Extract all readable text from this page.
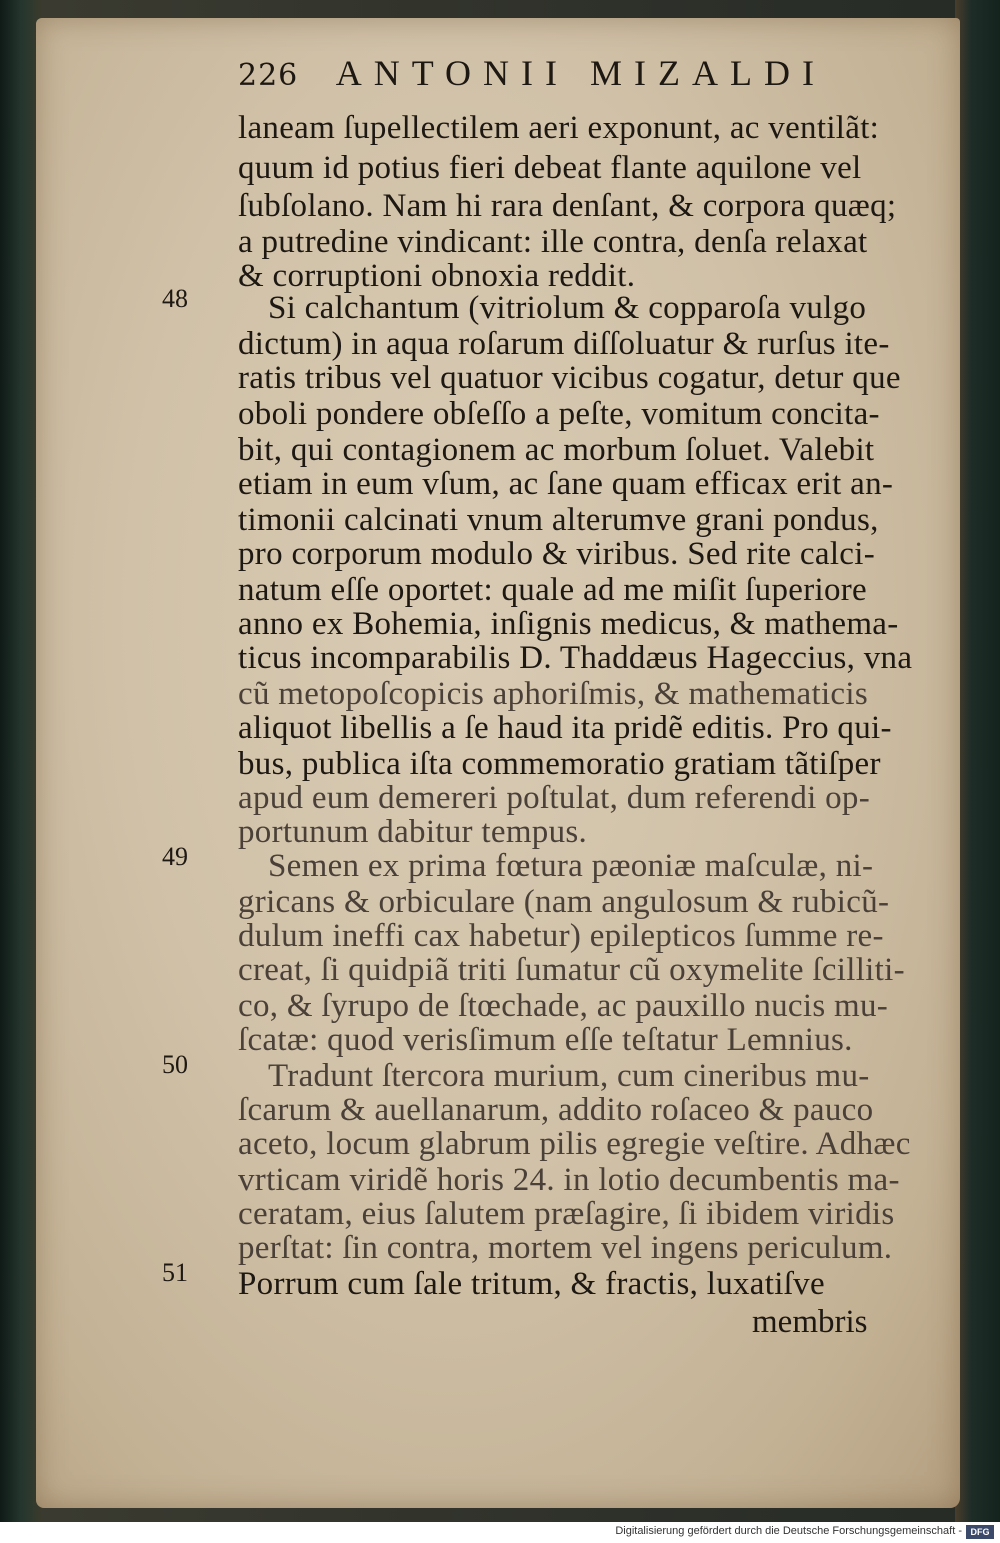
226 ANTONII MIZALDI
laneam ſupellectilem aeri exponunt, ac ventilãt:
quum id potius fieri debeat flante aquilone vel
ſubſolano. Nam hi rara denſant, & corpora quæq;
a putredine vindicant: ille contra, denſa relaxat
& corruptioni obnoxia reddit.
48 Si calchantum (vitriolum & copparoſa vulgo
dictum) in aqua roſarum diſſoluatur & rurſus ite-
ratis tribus vel quatuor vicibus cogatur, detur que
oboli pondere obſeſſo a peſte, vomitum concita-
bit, qui contagionem ac morbum ſoluet. Valebit
etiam in eum vſum, ac ſane quam efficax erit an-
timonii calcinati vnum alterumve grani pondus,
pro corporum modulo & viribus. Sed rite calci-
natum eſſe oportet: quale ad me miſit ſuperiore
anno ex Bohemia, inſignis medicus, & mathema-
ticus incomparabilis D. Thaddæus Hageccius, vna
cũ metopoſcopicis aphoriſmis, & mathematicis
aliquot libellis a ſe haud ita pridẽ editis. Pro qui-
bus, publica iſta commemoratio gratiam tãtiſper
apud eum demereri poſtulat, dum referendi op-
portunum dabitur tempus.
49 Semen ex prima fœtura pæoniæ maſculæ, ni-
gricans & orbiculare (nam angulosum & rubicũ-
dulum ineffi cax habetur) epilepticos ſumme re-
creat, ſi quidpiã triti ſumatur cũ oxymelite ſcilliti-
co, & ſyrupo de ſtœchade, ac pauxillo nucis mu-
ſcatæ: quod verisſimum eſſe teſtatur Lemnius.
50 Tradunt ſtercora murium, cum cineribus mu-
ſcarum & auellanarum, addito roſaceo & pauco
aceto, locum glabrum pilis egregie veſtire. Adhæc
vrticam viridẽ horis 24. in lotio decumbentis ma-
ceratam, eius ſalutem præſagire, ſi ibidem viridis
perſtat: ſin contra, mortem vel ingens periculum.
51 Porrum cum ſale tritum, & fractis, luxatiſve
membris
Digitalisierung gefördert durch die Deutsche Forschungsgemeinschaft - DFG
